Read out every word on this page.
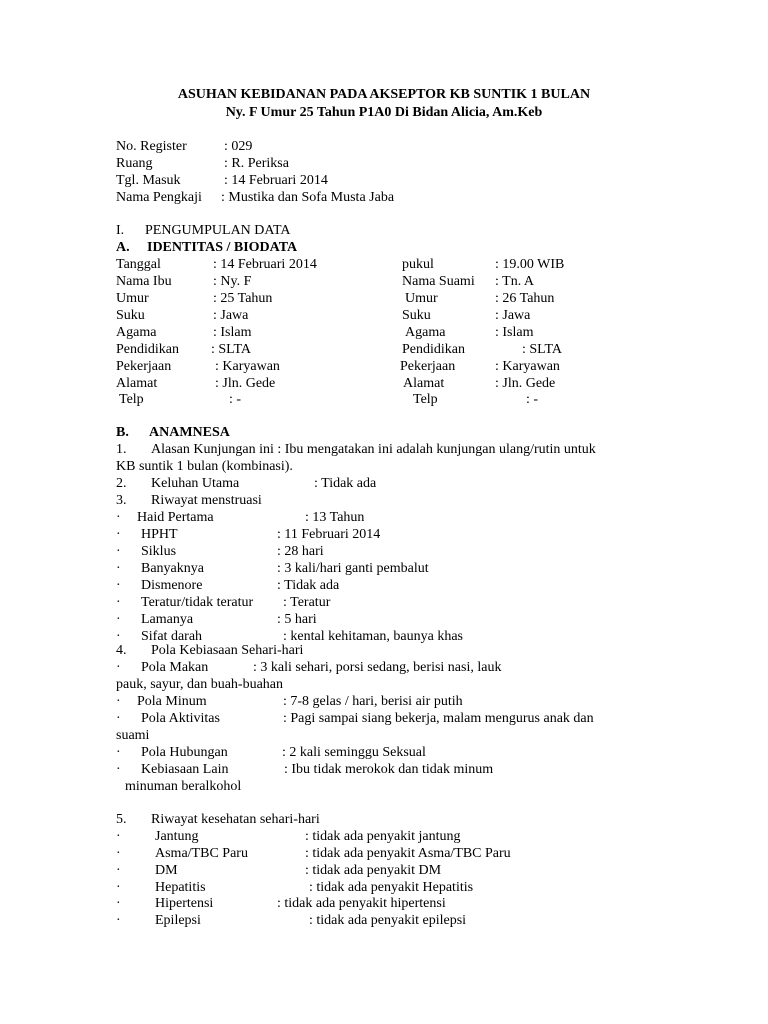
ASUHAN KEBIDANAN PADA AKSEPTOR KB SUNTIK 1 BULAN
Ny. F Umur 25 Tahun P1A0 Di Bidan Alicia, Am.Keb
No. Register	: 029
Ruang	: R. Periksa
Tgl. Masuk	: 14 Februari 2014
Nama Pengkaji : Mustika dan Sofa Musta Jaba
I. PENGUMPULAN DATA
A. IDENTITAS / BIODATA
Tanggal	: 14 Februari 2014	pukul	: 19.00 WIB
Nama Ibu	: Ny. F	Nama Suami : Tn. A
Umur	: 25 Tahun	Umur	: 26 Tahun
Suku	: Jawa	Suku	: Jawa
Agama	: Islam	Agama	: Islam
Pendidikan : SLTA	Pendidikan	: SLTA
Pekerjaan	: Karyawan	Pekerjaan	: Karyawan
Alamat	: Jln. Gede	Alamat	: Jln. Gede
Telp	: -	Telp	: -
B. ANAMNESA
1. Alasan Kunjungan ini : Ibu mengatakan ini adalah kunjungan ulang/rutin untuk
KB suntik 1 bulan (kombinasi).
2. Keluhan Utama	: Tidak ada
3. Riwayat menstruasi
· Haid Pertama	: 13 Tahun
· HPHT	: 11 Februari 2014
· Siklus	: 28 hari
· Banyaknya	: 3 kali/hari ganti pembalut
· Dismenore	: Tidak ada
· Teratur/tidak teratur : Teratur
· Lamanya	: 5 hari
· Sifat darah	: kental kehitaman, baunya khas
4. Pola Kebiasaan Sehari-hari
· Pola Makan	: 3 kali sehari, porsi sedang, berisi nasi, lauk
pauk, sayur, dan buah-buahan
· Pola Minum	: 7-8 gelas / hari, berisi air putih
· Pola Aktivitas	: Pagi sampai siang bekerja, malam mengurus anak dan
suami
· Pola Hubungan	: 2 kali seminggu Seksual
· Kebiasaan Lain	: Ibu tidak merokok dan tidak minum
minuman beralkohol
5. Riwayat kesehatan sehari-hari
· Jantung	: tidak ada penyakit jantung
· Asma/TBC Paru	: tidak ada penyakit Asma/TBC Paru
· DM	: tidak ada penyakit DM
· Hepatitis	: tidak ada penyakit Hepatitis
· Hipertensi	: tidak ada penyakit hipertensi
· Epilepsi	: tidak ada penyakit epilepsi
